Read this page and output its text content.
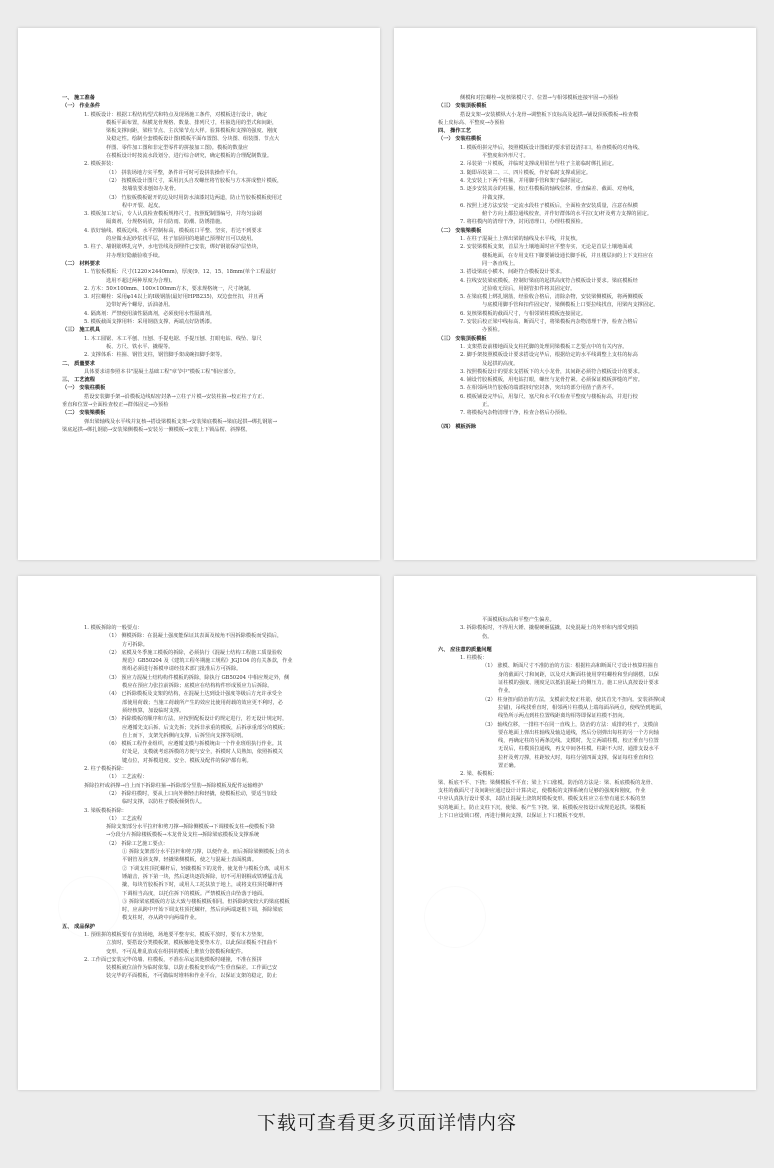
一、 施工准备
（一） 作业条件
1. 模板设计：根据工程结构型式和特点及现场施工条件，对模板进行设计，确定
模板平面布置，纵横龙骨规格、数量、排列尺寸，柱箍选用的型式和间距，
梁板支撑间距，梁柱节点、主次梁节点大样。验算模板和支撑的强度、刚度
及稳定性。绘制全套模板设计图(模板平面布置图、分块图、组装图、节点大
样图、零件加工图和非定型零件的拼接加工图)。模板的数量应
在模板设计时按流水段划分，进行综合研究，确定模板的合理配制数量。
2. 模板拼装：
（1） 拼装场地方实平整，条件许可时可设拼装操作平台。
（2） 按模板设计图尺寸，采用沉头自攻螺丝将竹胶板与方木拼成整片模板，
按墙装要求刨如办龙骨。
（3） 竹胶板模板锯开的边及时用防水油漆封边两道，防止竹胶板模板使用过
程中开裂、起皮。
3. 模板加工好后，专人认真检查模板规格尺寸，按照配制图编号，并均匀涂刷
隔离剂，分规格码放，并有防雨、防潮、防锈措施。
4. 放好轴线、模板边线、水平控制标高，模板底口平整、坚实，若达不到要求
的应做水泥砂浆找平层，柱子加固用的地锚已预埋好且可以使用。
5. 柱子、墙钢筋绑扎完毕，水电管线及预埋件已安装，绑好钢筋保护层垫块，
并办理好隐蔽验收手续。
（二） 材料要求
1. 竹胶板模板：尺寸(1220×2440mm)，厚度(9、12、15、18mm(单个工程最好
选用不超过两种厚度为合理)。
2. 方木：50×100mm、100×100mm方木，要求规格统一，尺寸统制。
3. 对拉螺栓：采用φ14以上的Ⅰ级钢筋(最好用HPB235)，双边套丝扣，并且两
边带好两个螺母，活油备用。
4. 隔离剂：严禁使用油性隔离剂，必须使用水性隔离剂。
5. 模板截面支撑用料：采用钢筋支撑，两端点好防锈漆。
（三） 施工机具
1. 木工圆锯、木工平刨、压刨、手提电锯、手提压刨、打眼电钻、线坠、靠尺
板、方尺、铁水平、撬棍等。
2. 支撑体系：柱箍、钢管支柱，钢管脚手架或碗扣脚手架等。
二、 质量要求
具体要求请参照本书"混凝土基础工程"章节中"模板工程"相应部分。
三、 工艺流程
（一） 安装柱模板
搭设安装脚手架→沿模板边线贴密封条→立柱子片模→安装柱箍→校正柱子方正、
垂直和位置→全面检查校正→群体固定→办预检
（二） 安装梁模板
弹出梁轴线及水平线并复核→搭设梁模板支架→安装梁底模板→梁底起拱→绑扎钢筋→
梁底起拱→绑扎钢筋→安装梁侧模板→安装另一侧模板→安装上下锁品楞、斜撑楞。
侧模和对拉螺栓→复核梁模尺寸、位置→与相邻模板连接牢固→办预检
（三） 安装顶板模板
搭设支架→安装横纵大小龙骨→调整板下皮标高及起拱→铺设顶板模板→检查模
板上皮标高、平整度→办预检
四、 操作工艺
（一） 安装柱模板
1. 模板组拼完毕后，按照模板设计图纸的要求留设清扫口，检查模板的对角线、
平整度和外形尺寸。
2. 吊装第一片模板，并临时支撑或用铅丝与柱子主筋临时绑扎固定。
3. 随即吊装第二、三、四片模板，作好临时支撑或固定。
4. 先安装上下两个柱箍，并用脚手管和架子临时固定。
5. 逐步安装其余的柱箍，校正柱模板的轴线位移、垂直偏差、截面、对角线，
并做支撑。
6. 按照上述方法安装一定流水段柱子模板后，全面检查安装质量，注意在纵横
俯个方向上都拉通线校查，并作好群体的水平拉(支)杆及剪力支撑的固定。
7. 将柱模内的清理干净，封闭清理口，办理柱模预检。
（二） 安装梁模板
1. 在柱子混凝土上弹出梁的轴线及水平线，并复核。
2. 安装梁模板支架，首层为土壤地面时应平整夯实，无论是首层土壤地面或
楼板地面，在专用支柱下脚要铺设通长脚手板，并且楼层间的上下支柱应在
同一条直线上。
3. 搭设梁底小横木，间距符合模板设计要求。
4. 拉线安装梁底模板，控制好梁底的起拱高度符合模板设计要求。梁底模板经
过验收无误后，用钢管扣件将其固定好。
5. 在梁底模上绑扎钢筋，经验收合格后，清除杂物，安装梁侧模板，将两侧模板
与底模用脚手管和扣件固定好，梁侧模板上口要拉线找直，用梁内支撑固定。
6. 复核梁模板的截面尺寸，与相邻梁柱模板连接固定。
7. 安装后校正梁中线标高、断面尺寸，将梁模板内杂物清理干净，检查合格后
办预检。
（三） 安装顶板模板
1. 支架搭设前楼地面及支柱托脚的处理同梁模板工艺要点中的有关内容。
2. 脚手架按照模板设计要求搭设完毕后，根据给定的水平线调整上支柱的标高
及起拱的高度。
3. 按照模板设计的要求支搭板下的大小龙骨，其间距必须符合模板设计的要求。
4. 铺设竹胶板模板，用电钻打眼，螺丝与龙骨拧紧。必须保证模板拼缝的严密。
5. 在相邻两块竹胶板的端部挤好密封条，突出的部分用凿子凿齐平。
6. 模板铺设完毕后，用靠尺、塞尺和水平仪检查平整度与楼板标高，并进行校
正。
7. 将模板内杂物清理干净，检查合格后办预检。
（四） 模板拆除
1. 模板拆除的一般要点：
（1） 侧模拆除：在混凝土强度能保证其表面及棱角不因拆除模板而受损后，
方可拆除。
（2） 底模及冬季施工模板的拆除，必须执行《混凝土结构工程施工质量验收
规范》GB50204 及《建筑工程冬期施工规程》JGJ104 的有关条款，作业
班组必须进行拆模申请经技术部门批准后方可拆除。
（3） 预应力混凝土结构构件模板的拆除，除执行 GB50204 中相应规定外，侧
模应在预应力张拉前拆除；底模应在结构构件形成预应力后拆除。
（4） 已拆除模板及支架的结构，在混凝土达到设计强度等级后方允许承受全
部使用荷载；当施工荷载所产生的效应比使用荷载的效应更不利时，必
须经核算，加设临时支撑。
（5） 拆除模板的顺序和方法，应按照配板设计的规定进行，若无设计规定时，
应遵循先支后拆、后支先拆；先拆非承重的模板，后拆承重部分的模板；
自上而下，支架先拆侧向支撑，后拆竖向支撑等原则。
（6） 模板工程作业组织，应遵循支模与拆模统由一个作业班组执行作业。其
好处是，支模就考虑拆模的方便与安全，拆模时人员熟知，依照拆模关
键点位，对拆模进度、安全、模板及配件的保护都有利。
2. 柱子模板拆除：
（1） 工艺流程：
拆除拉杆或斜撑→自上而下拆除柱箍→拆除部分竖肋→拆除模板及配件运输维护
（2） 拆除柱模时，要从上口向外侧轻击和轻撬，使模板松动，要适当加设
临时支撑，以防柱子模板倾倒伤人。
3. 梁板模板拆除：
（1） 工艺流程
拆除支架部分水平拉杆和剪刀撑→拆除侧模板→下调楼板支柱→使模板下降
→分段分片拆除楼板模板→木龙骨及支柱→拆除梁底模板及支撑系统
（2） 拆除工艺施工要点：
① 拆除支架部分水平拉杆和剪刀撑，以便作业。而后拆除梁侧模板上的水
平钢管及斜支撑，轻撬梁侧模板，使之与混凝土表面脱离。
② 下调支柱顶托螺杆后，轻撬模板下的龙骨，使龙骨与模板分离，或用木
锤敲击，拆下第一块，然后逐块逐段拆除，切不可用钢棍或铁锤猛击乱
撬，每块竹胶板拆下时，或用人工托扶放于地上，或将支柱顶托螺杆再
下调相当高度，以托住拆下的模板。严禁模板自由坠落于地面。
③ 拆除梁底模板的方法大致与楼板模板相同。但拆除跨度较大的梁底模板
时，应从跨中开始下调支柱顶托螺杆，然后向两端逐根下调，拆除梁底
模支柱时，亦从跨中向两端作业。
五、 成品保护
1. 预组拼的模板要有存放场地，场地要平整夯实。模板平放时，要有木方垫架。
立放时，要搭设分类模板架，模板触地处要垫木方，以此保证模板不扭曲不
变形。不可乱堆乱放或在组拼的模板上堆放分散模板和配件。
2. 工作面已安装完毕的墙、柱模板，不准在吊运其他模板时碰撞，不准在预拼
装模板就位前作为临时依靠，以防止模板变形或产生垂直偏差。工作面已安
装完毕的平面模板，不可做临时堆料和作业平台，以保证支架的稳定，防止
平面模板标高和平整产生偏差。
3. 拆除模板时，不得用大锤、撬棍硬砸猛撬，以免混凝土的外形和内部受到损
伤。
六、 应注意的质量问题
1. 柱模板：
（1） 涨模、断面尺寸不准防治的方法：根据柱高和断面尺寸设计核算柱箍自
身的截面尺寸和间距，以及对大断面柱使用穿柱螺栓和竖向钢楞，以保
证柱模的强度、刚度足以抵抗混凝土的侧压力。施工应认真按设计要求
作业。
（2） 柱身扭向防治的方法，支模前先校正柱筋，使其首先不扭向。安装斜撑(或
拉锚)，吊线找垂直时，相邻两片柱模从上端每面吊两点，使线坠到地面，
线坠所示两点到柱位置线距离均相等即保证柱模不扭向。
（3） 轴线位移，一排柱不在同一直线上，防治的方法：成排的柱子，支模前
要在地面上弹出柱轴线及轴边通线，然后分别弹出每柱的另一个方向轴
线，再确定柱的另两条边线。支模时，先立两端柱模，校正垂直与位置
无误后，柱模顶拉通线，再支中间各柱模。柱距不大时，通排支设水平
拉杆及剪刀撑，柱距较大时，每柱分别四面支撑，保证每柱垂直和位
置正确。
2. 梁、板模板：
梁、板底不平、下挠；梁侧模板不平直；梁上下口涨模。防治的方法是：梁、板底模板的龙骨、
支柱的截面尺寸及间距应通过设计计算决定，使模板的支撑系统有足够的强度和刚度，作业
中应认真执行设计要求，以防止混凝土浇筑时模板变形。模板支柱应立在垫有通长木板的坚
实的地面上，防止支柱下沉，使梁、板产生下挠。梁、板模板应按设计或规范起拱。梁模板
上下口应设锁口楞，再进行侧向支撑，以保证上下口模板不变形。
下载可查看更多页面详情内容
